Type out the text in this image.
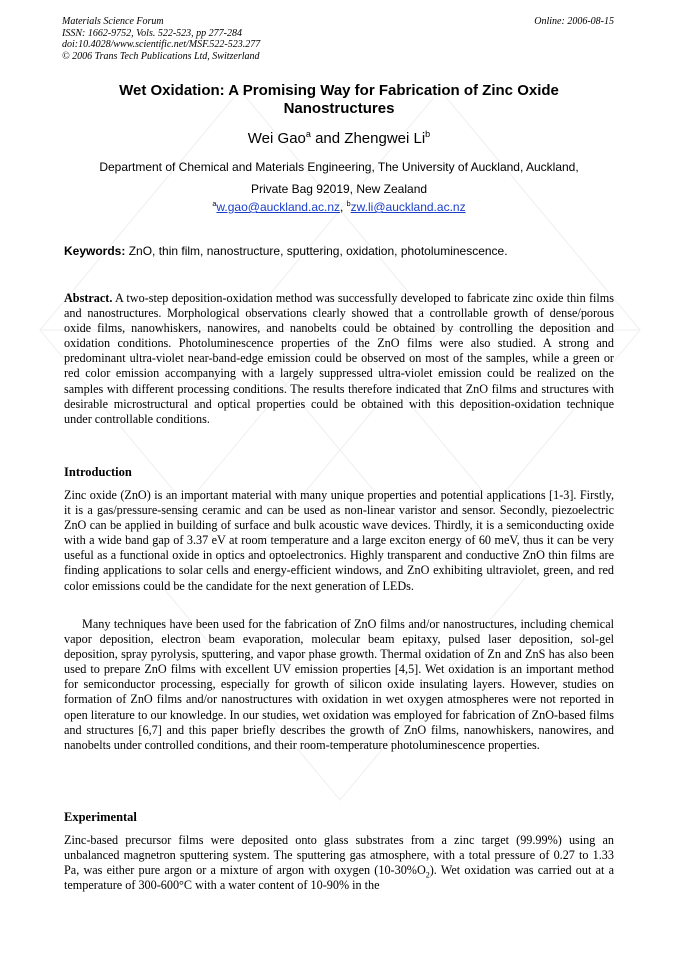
Materials Science Forum
ISSN: 1662-9752, Vols. 522-523, pp 277-284
doi:10.4028/www.scientific.net/MSF.522-523.277
© 2006 Trans Tech Publications Ltd, Switzerland
Online: 2006-08-15
Wet Oxidation: A Promising Way for Fabrication of Zinc Oxide Nanostructures
Wei Gao$^a$ and Zhengwei Li$^b$
Department of Chemical and Materials Engineering, The University of Auckland, Auckland,
Private Bag 92019, New Zealand
$^a$w.gao@auckland.ac.nz, $^b$zw.li@auckland.ac.nz
Keywords: ZnO, thin film, nanostructure, sputtering, oxidation, photoluminescence.

Abstract. A two-step deposition-oxidation method was successfully developed to fabricate zinc oxide thin films and nanostructures. Morphological observations clearly showed that a controllable growth of dense/porous oxide films, nanowhiskers, nanowires, and nanobelts could be obtained by controlling the deposition and oxidation conditions. Photoluminescence properties of the ZnO films were also studied. A strong and predominant ultra-violet near-band-edge emission could be observed on most of the samples, while a green or red color emission accompanying with a largely suppressed ultra-violet emission could be realized on the samples with different processing conditions. The results therefore indicated that ZnO films and structures with desirable microstructural and optical properties could be obtained with this deposition-oxidation technique under controllable conditions.

Introduction

Zinc oxide (ZnO) is an important material with many unique properties and potential applications [1-3]. Firstly, it is a gas/pressure-sensing ceramic and can be used as non-linear varistor and sensor. Secondly, piezoelectric ZnO can be applied in building of surface and bulk acoustic wave devices. Thirdly, it is a semiconducting oxide with a wide band gap of 3.37 eV at room temperature and a large exciton energy of 60 meV, thus it can be very useful as a functional oxide in optics and optoelectronics. Highly transparent and conductive ZnO thin films are finding applications to solar cells and energy-efficient windows, and ZnO exhibiting ultraviolet, green, and red color emissions could be the candidate for the next generation of LEDs.

Many techniques have been used for the fabrication of ZnO films and/or nanostructures, including chemical vapor deposition, electron beam evaporation, molecular beam epitaxy, pulsed laser deposition, sol-gel deposition, spray pyrolysis, sputtering, and vapor phase growth. Thermal oxidation of Zn and ZnS has also been used to prepare ZnO films with excellent UV emission properties [4,5]. Wet oxidation is an important method for semiconductor processing, especially for growth of silicon oxide insulating layers. However, studies on formation of ZnO films and/or nanostructures with oxidation in wet oxygen atmospheres were not reported in open literature to our knowledge. In our studies, wet oxidation was employed for fabrication of ZnO-based films and structures [6,7] and this paper briefly describes the growth of ZnO films, nanowhiskers, nanowires, and nanobelts under controlled conditions, and their room-temperature photoluminescence properties.

Experimental

Zinc-based precursor films were deposited onto glass substrates from a zinc target (99.99%) using an unbalanced magnetron sputtering system. The sputtering gas atmosphere, with a total pressure of 0.27 to 1.33 Pa, was either pure argon or a mixture of argon with oxygen $(10-30\%O_2)$. Wet oxidation was carried out at a temperature of 300-600°C with a water content of 10-90% in the
